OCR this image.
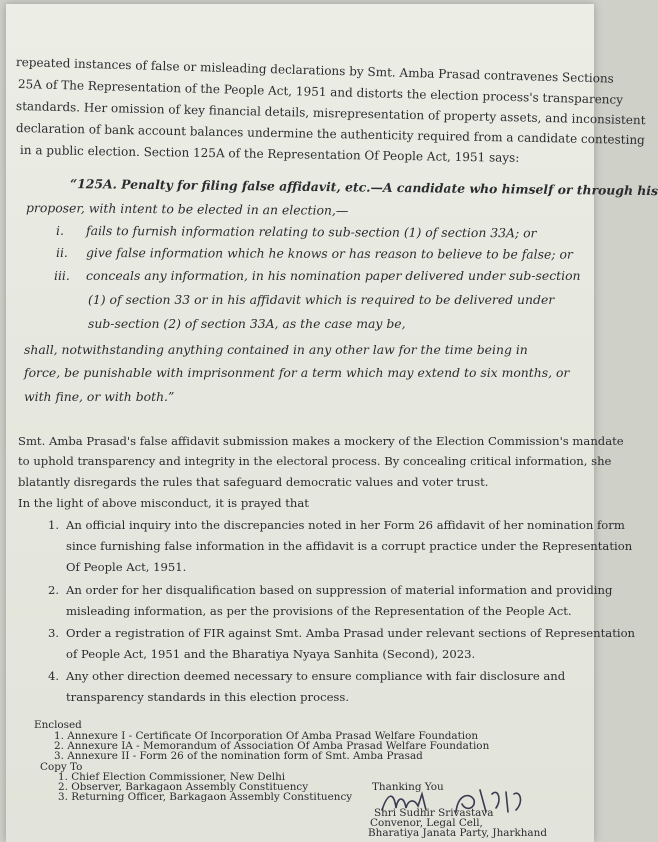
repeated instances of false or misleading declarations by Smt. Amba Prasad contravenes Sections
25A of The Representation of the People Act, 1951 and distorts the election process's transparency
standards. Her omission of key financial details, misrepresentation of property assets, and inconsistent
declaration of bank account balances undermine the authenticity required from a candidate contesting
in a public election. Section 125A of the Representation Of People Act, 1951 says:
“125A. Penalty for filing false affidavit, etc.—A candidate who himself or through his
proposer, with intent to be elected in an election,—
i. fails to furnish information relating to sub-section (1) of section 33A; or
ii. give false information which he knows or has reason to believe to be false; or
iii. conceals any information, in his nomination paper delivered under sub-section
(1) of section 33 or in his affidavit which is required to be delivered under
sub-section (2) of section 33A, as the case may be,
shall, notwithstanding anything contained in any other law for the time being in
force, be punishable with imprisonment for a term which may extend to six months, or
with fine, or with both.”
Smt. Amba Prasad's false affidavit submission makes a mockery of the Election Commission's mandate
to uphold transparency and integrity in the electoral process. By concealing critical information, she
blatantly disregards the rules that safeguard democratic values and voter trust.
In the light of above misconduct, it is prayed that
1. An official inquiry into the discrepancies noted in her Form 26 affidavit of her nomination form
since furnishing false information in the affidavit is a corrupt practice under the Representation
Of People Act, 1951.
2. An order for her disqualification based on suppression of material information and providing
misleading information, as per the provisions of the Representation of the People Act.
3. Order a registration of FIR against Smt. Amba Prasad under relevant sections of Representation
of People Act, 1951 and the Bharatiya Nyaya Sanhita (Second), 2023.
4. Any other direction deemed necessary to ensure compliance with fair disclosure and
transparency standards in this election process.
Enclosed
1. Annexure I - Certificate Of Incorporation Of Amba Prasad Welfare Foundation
2. Annexure IA - Memorandum of Association Of Amba Prasad Welfare Foundation
3. Annexure II - Form 26 of the nomination form of Smt. Amba Prasad
Copy To
1. Chief Election Commissioner, New Delhi
2. Observer, Barkagaon Assembly Constituency
3. Returning Officer, Barkagaon Assembly Constituency
Thanking You
Shri Sudhir Srivastava
Convenor, Legal Cell,
Bharatiya Janata Party, Jharkhand
